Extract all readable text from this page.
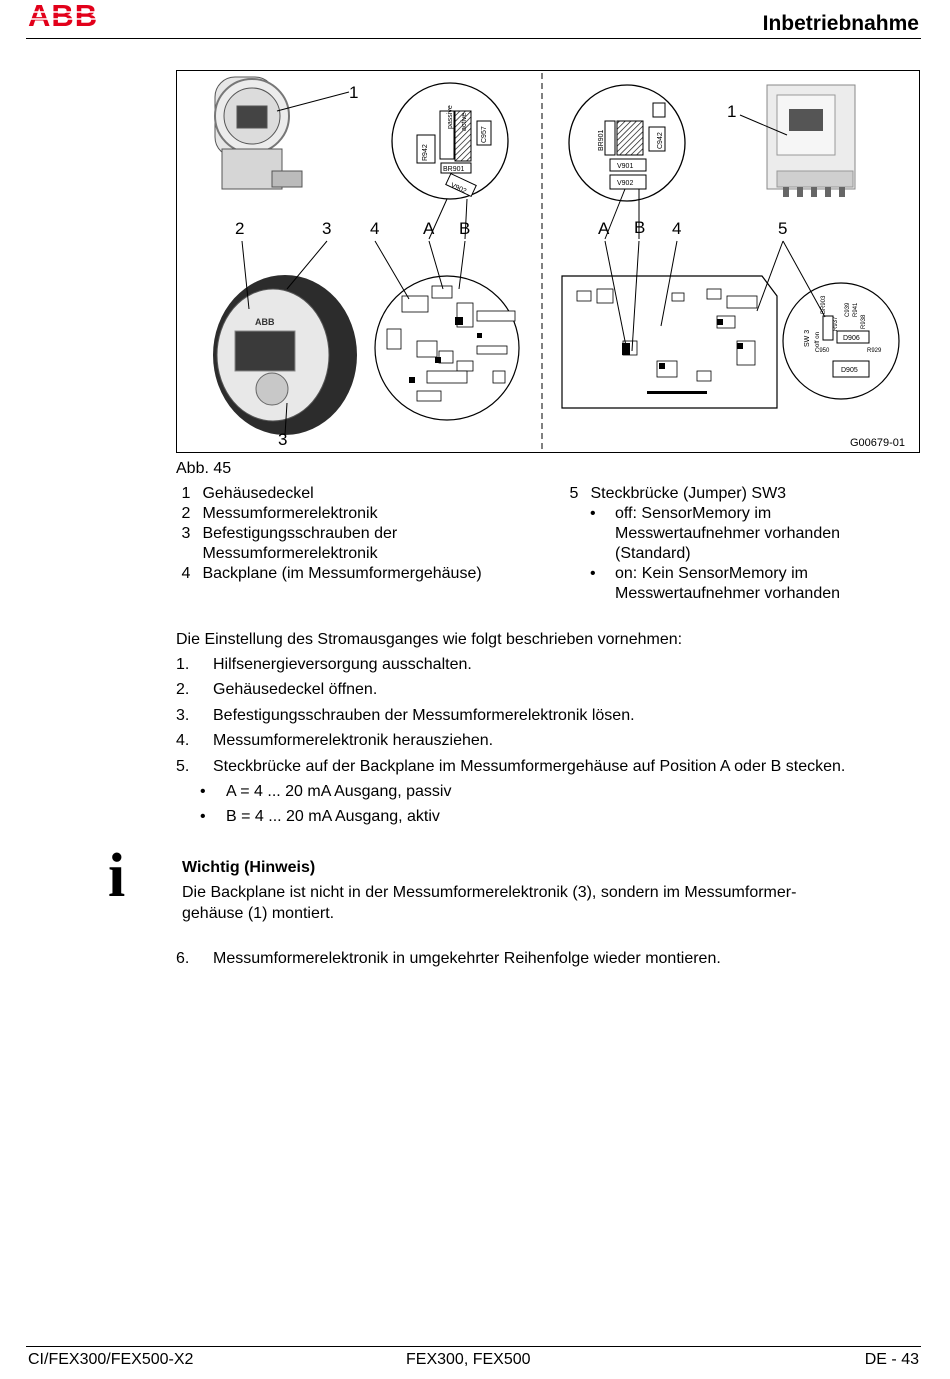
ABB	Inbetriebnahme
R942
passive active
C957
BR901
V902
BR901	C942
V901
V902
ABB
SW 3 off on	D906
D905
C950	R929
BR903
R937
C939 R941
R938
1
1
2	3 4	A B	A B 4	5
3	G00679-01
Abb. 45
1 Gehäusedeckel
2 Messumformerelektronik
3 Befestigungsschrauben der
Messumformerelektronik
4 Backplane (im Messumformergehäuse)
5 Steckbrücke (Jumper) SW3
• off: SensorMemory im
Messwertaufnehmer vorhanden
(Standard)
• on: Kein SensorMemory im
Messwertaufnehmer vorhanden
Die Einstellung des Stromausganges wie folgt beschrieben vornehmen:
1. Hilfsenergieversorgung ausschalten.
2. Gehäusedeckel öffnen.
3. Befestigungsschrauben der Messumformerelektronik lösen.
4. Messumformerelektronik herausziehen.
5. Steckbrücke auf der Backplane im Messumformergehäuse auf Position A oder B stecken.
• A = 4 ... 20 mA Ausgang, passiv
• B = 4 ... 20 mA Ausgang, aktiv
i	Wichtig (Hinweis)
Die Backplane ist nicht in der Messumformerelektronik (3), sondern im Messumformer-
gehäuse (1) montiert.
6. Messumformerelektronik in umgekehrter Reihenfolge wieder montieren.
CI/FEX300/FEX500-X2	FEX300, FEX500	DE - 43
